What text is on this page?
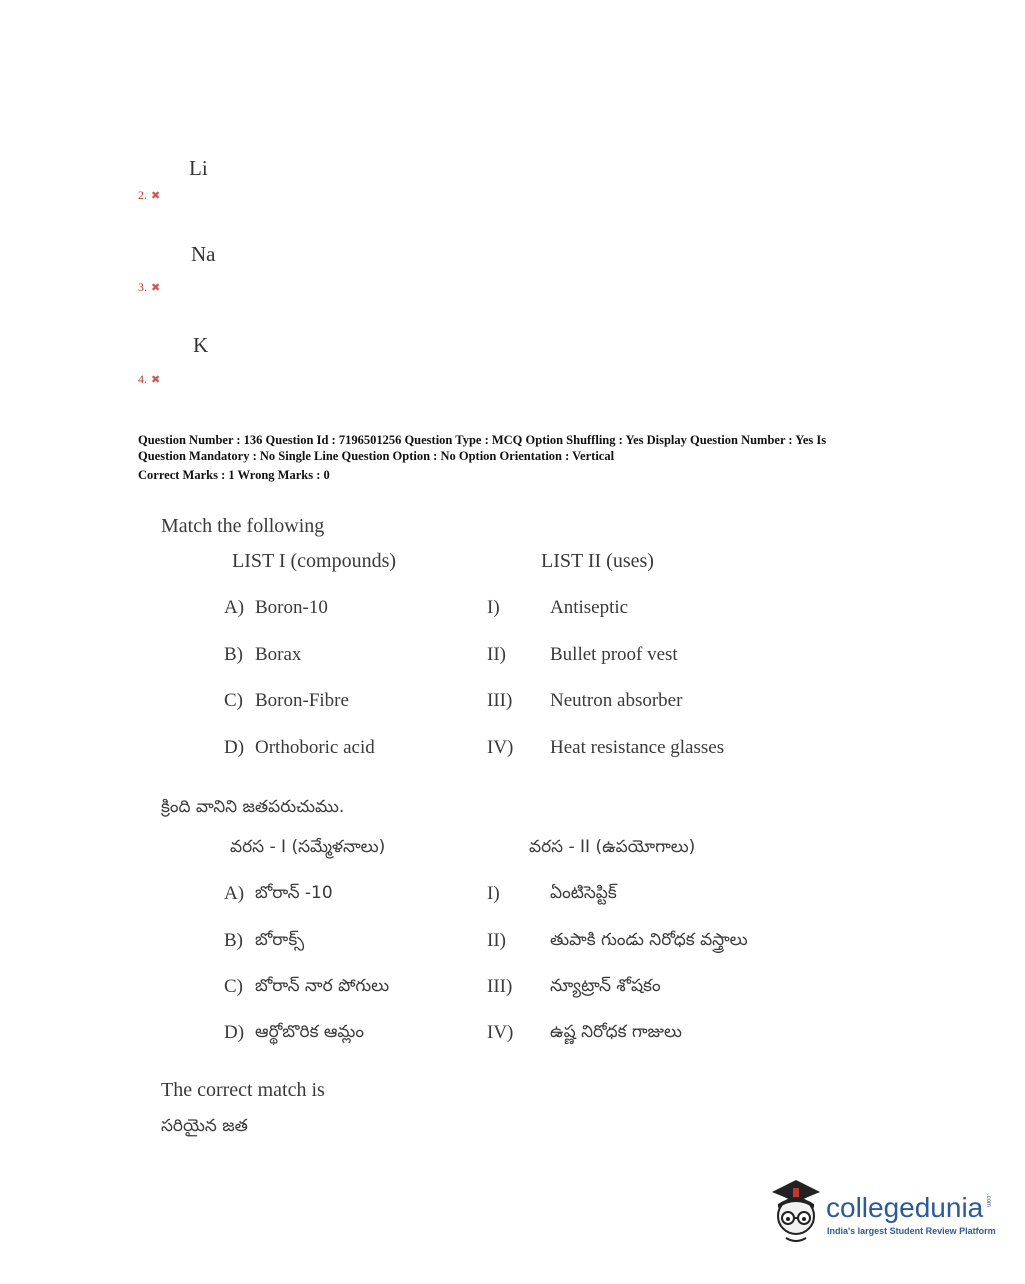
Li
2. ✖
Na
3. ✖
K
4. ✖
Question Number : 136 Question Id : 7196501256 Question Type : MCQ Option Shuffling : Yes Display Question Number : Yes Is
Question Mandatory : No Single Line Question Option : No Option Orientation : Vertical
Correct Marks : 1 Wrong Marks : 0
Match the following
LIST I (compounds)	LIST II (uses)
A) Boron-10	I)	Antiseptic
B) Borax	II) Bullet proof vest
C) Boron-Fibre	III) Neutron absorber
D) Orthoboric acid	IV) Heat resistance glasses
క్రింది వానిని జతపరుచుము.
వరస - I (సమ్మేళనాలు)	వరస - II (ఉపయోగాలు)
A) బోరాన్ -10	I)	ఏంటిసెప్టిక్
B) బోరాక్స్	II)	తుపాకి గుండు నిరోధక వస్త్రాలు
C) బోరాన్ నార పోగులు	III) న్యూట్రాన్ శోషకం
D) ఆర్థోబొరిక ఆమ్లం	IV) ఉష్ణ నిరోధక గాజులు
The correct match is
సరియైన జత
collegedunia .com
India's largest Student Review Platform
